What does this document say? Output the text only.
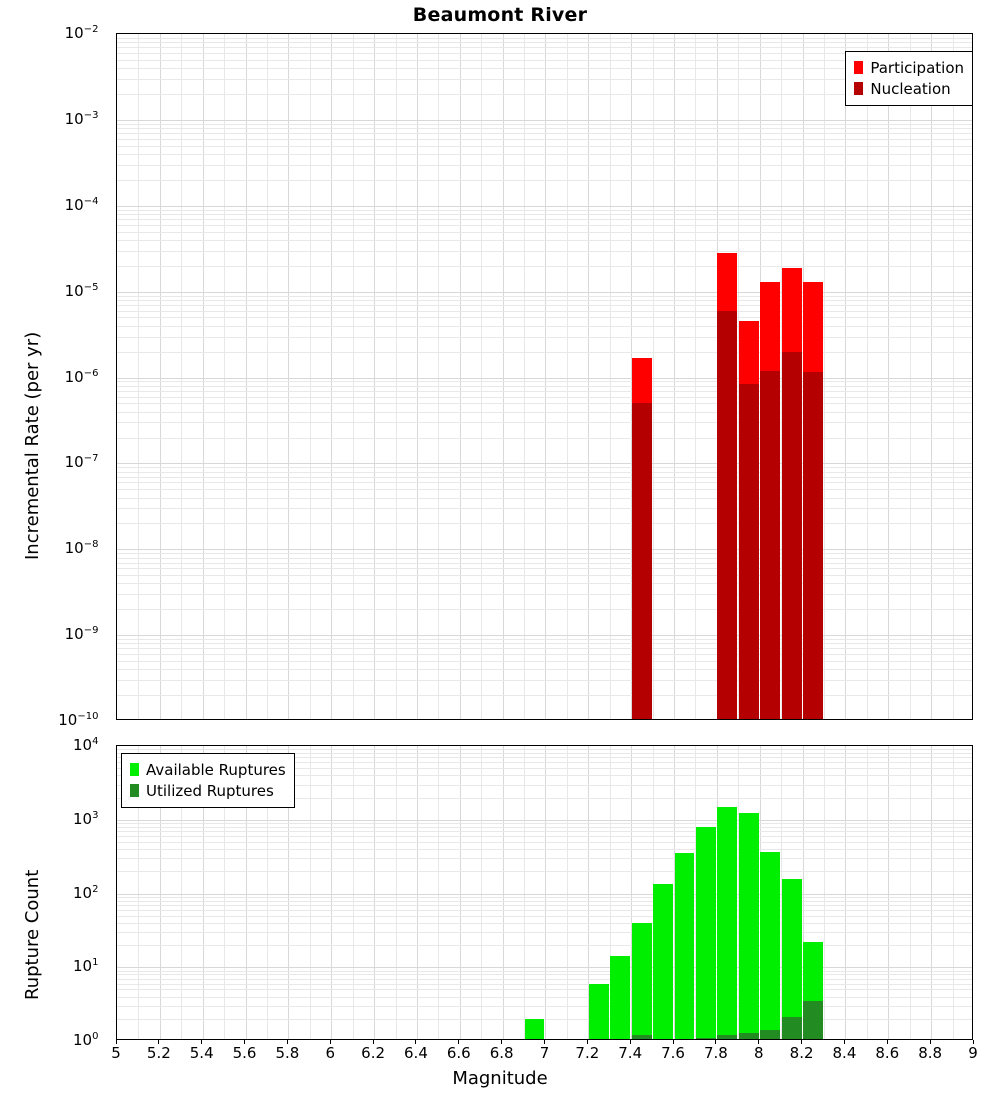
Beaumont River
$10^{-2}$
$10^{-3}$
$10^{-4}$
$10^{-5}$
$10^{-6}$
$10^{-7}$
$10^{-8}$
$10^{-9}$
$10^{-10}$
Incremental Rate (per yr)
Participation
Nucleation
$10^4$
$10^3$
$10^2$
$10^1$
$10^0$
Rupture Count
Available Ruptures
Utilized Ruptures
5 5.2 5.4 5.6 5.8 6 6.2 6.4 6.6 6.8 7 7.2 7.4 7.6 7.8 8 8.2 8.4 8.6 8.8 9
Magnitude
